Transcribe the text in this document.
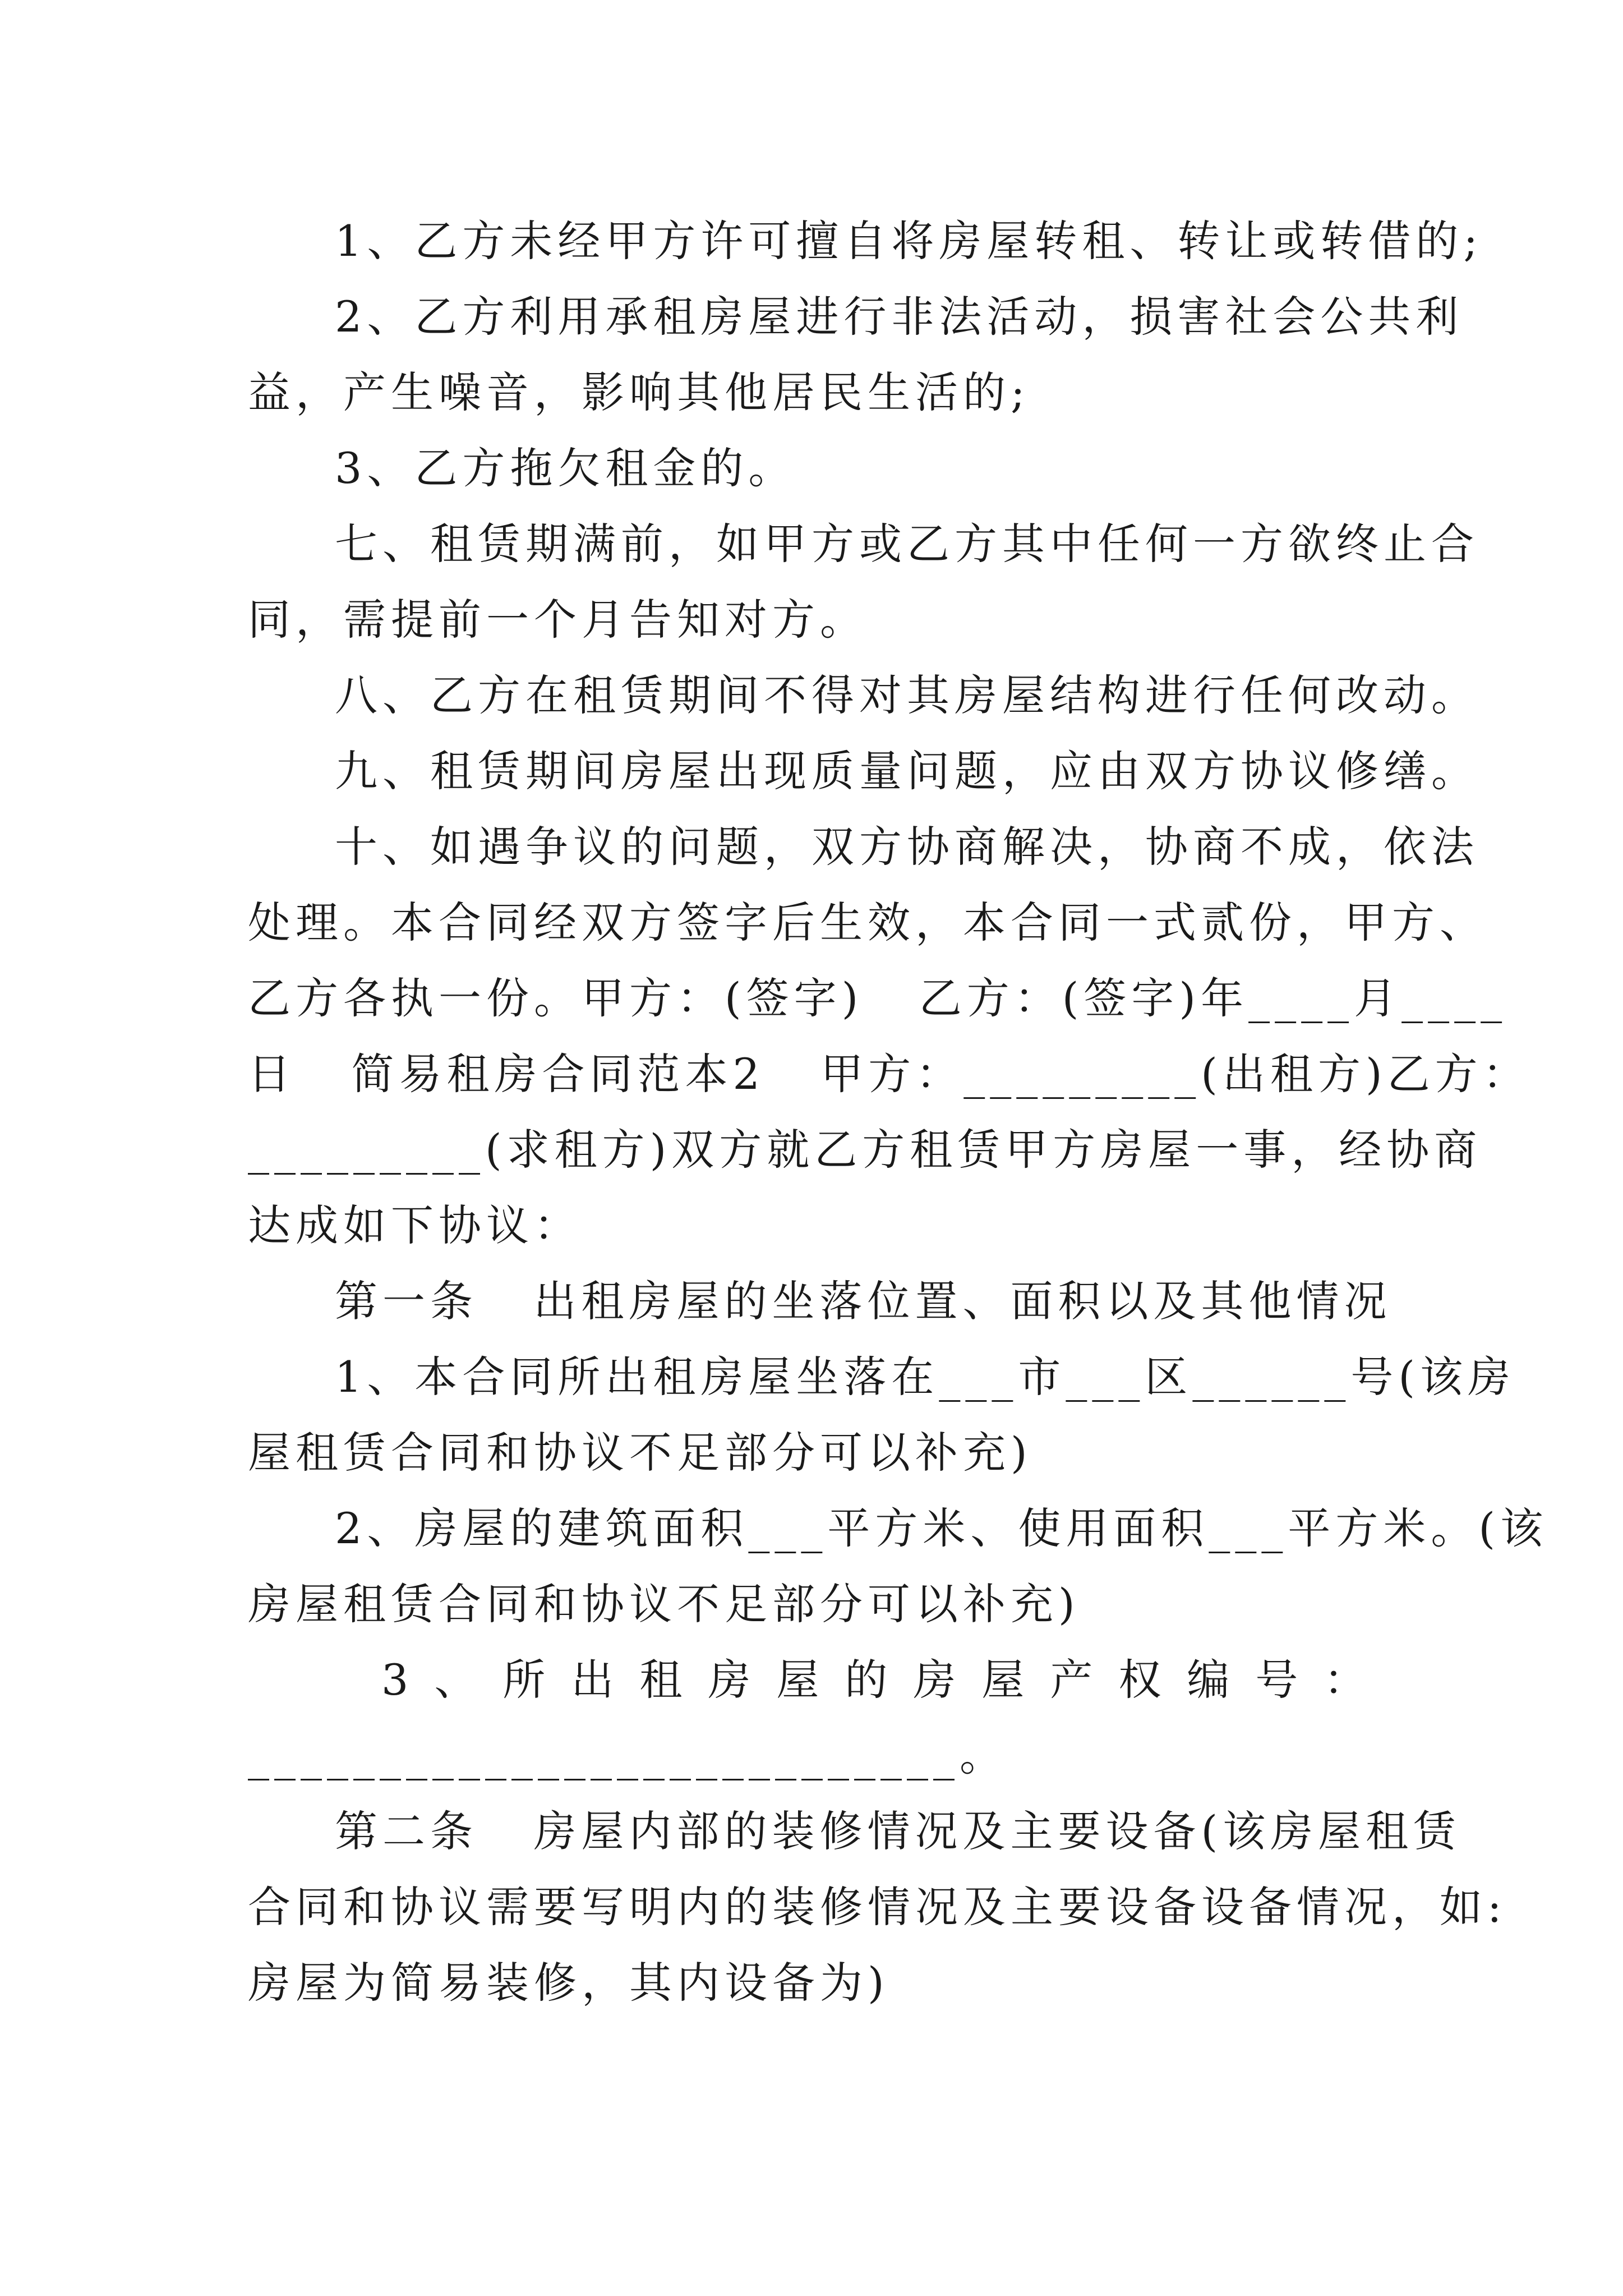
1、乙方未经甲方许可擅自将房屋转租、转让或转借的;
2、乙方利用承租房屋进行非法活动，损害社会公共利
益，产生噪音，影响其他居民生活的;
3、乙方拖欠租金的。
七、租赁期满前，如甲方或乙方其中任何一方欲终止合
同，需提前一个月告知对方。
八、乙方在租赁期间不得对其房屋结构进行任何改动。
九、租赁期间房屋出现质量问题，应由双方协议修缮。
十、如遇争议的问题，双方协商解决，协商不成，依法
处理。本合同经双方签字后生效，本合同一式贰份，甲方、
乙方各执一份。甲方：(签字)   乙方：(签字)年____月____
日   简易租房合同范本2   甲方：_________(出租方)乙方：
_________(求租方)双方就乙方租赁甲方房屋一事，经协商
达成如下协议：
第一条   出租房屋的坐落位置、面积以及其他情况
1、本合同所出租房屋坐落在___市___区______号(该房
屋租赁合同和协议不足部分可以补充)
2、房屋的建筑面积___平方米、使用面积___平方米。(该
房屋租赁合同和协议不足部分可以补充)
3、所出租房屋的房屋产权编号：
___________________________。
第二条   房屋内部的装修情况及主要设备(该房屋租赁
合同和协议需要写明内的装修情况及主要设备设备情况，如:
房屋为简易装修，其内设备为)
